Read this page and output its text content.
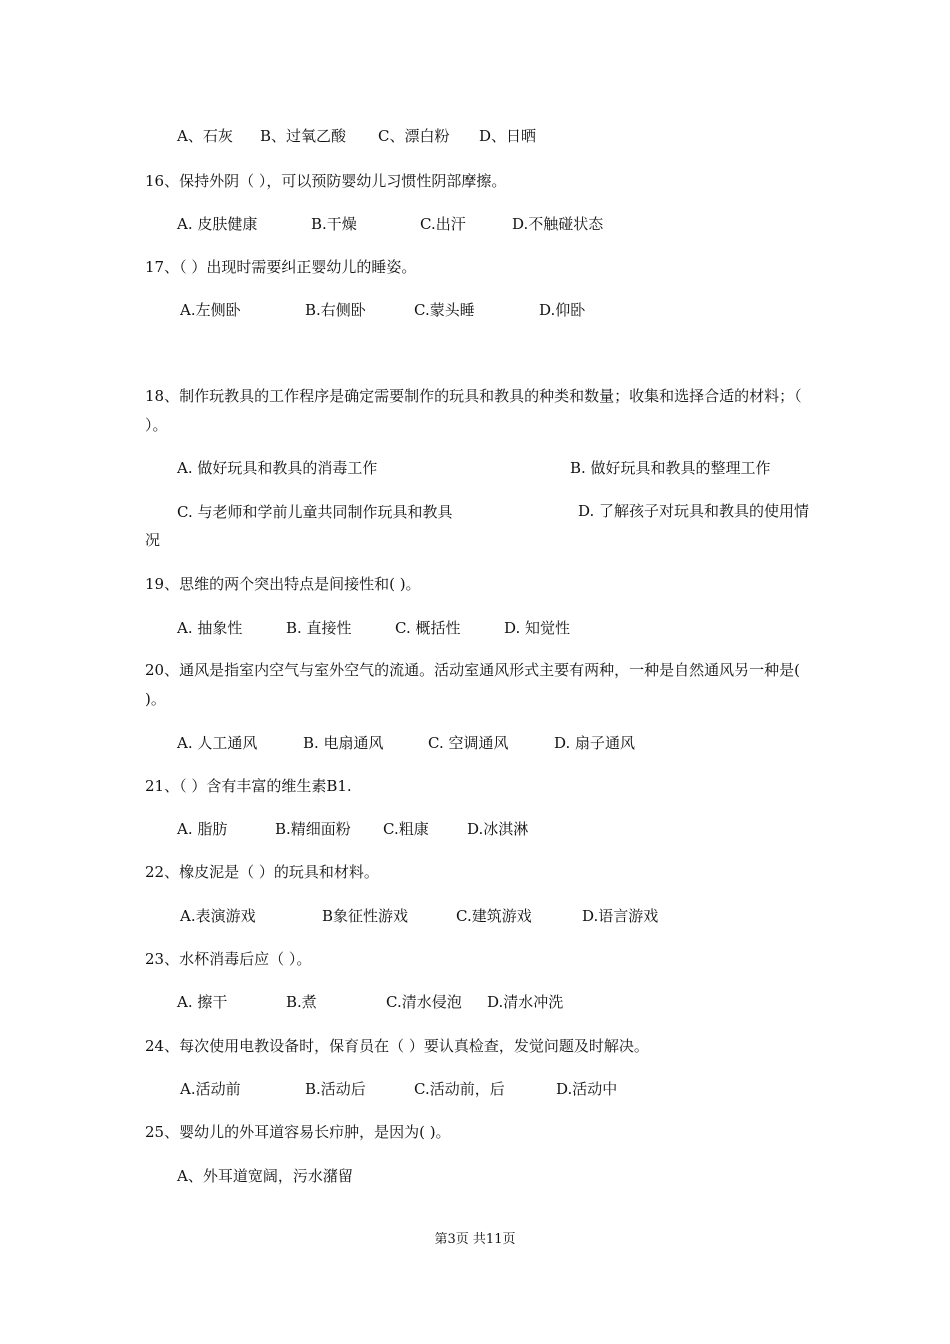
A、石灰	B、过氧乙酸	C、漂白粉	D、日晒
16、保持外阴（ ），可以预防婴幼儿习惯性阴部摩擦。
A. 皮肤健康	B.干燥	C.出汗	D.不触碰状态
17、（ ）出现时需要纠正婴幼儿的睡姿。
A.左侧卧	B.右侧卧	C.蒙头睡	D.仰卧
18、制作玩教具的工作程序是确定需要制作的玩具和教具的种类和数量；收集和选择合适的材料；（ ）。
A. 做好玩具和教具的消毒工作	B. 做好玩具和教具的整理工作
C. 与老师和学前儿童共同制作玩具和教具	D. 了解孩子对玩具和教具的使用情况
19、思维的两个突出特点是间接性和( )。
A. 抽象性	B. 直接性	C. 概括性	D. 知觉性
20、通风是指室内空气与室外空气的流通。活动室通风形式主要有两种，一种是自然通风另一种是( )。
A. 人工通风	B. 电扇通风	C. 空调通风	D. 扇子通风
21、（ ）含有丰富的维生素B1.
A. 脂肪	B.精细面粉	C.粗康	D.冰淇淋
22、橡皮泥是（ ）的玩具和材料。
A.表演游戏	B象征性游戏	C.建筑游戏	D.语言游戏
23、水杯消毒后应（ ）。
A. 擦干	B.煮	C.清水侵泡	D.清水冲洗
24、每次使用电教设备时，保育员在（ ）要认真检查，发觉问题及时解决。
A.活动前	B.活动后	C.活动前，后	D.活动中
25、婴幼儿的外耳道容易长疖肿，是因为( )。
A、外耳道宽阔，污水潴留
第3页 共11页
